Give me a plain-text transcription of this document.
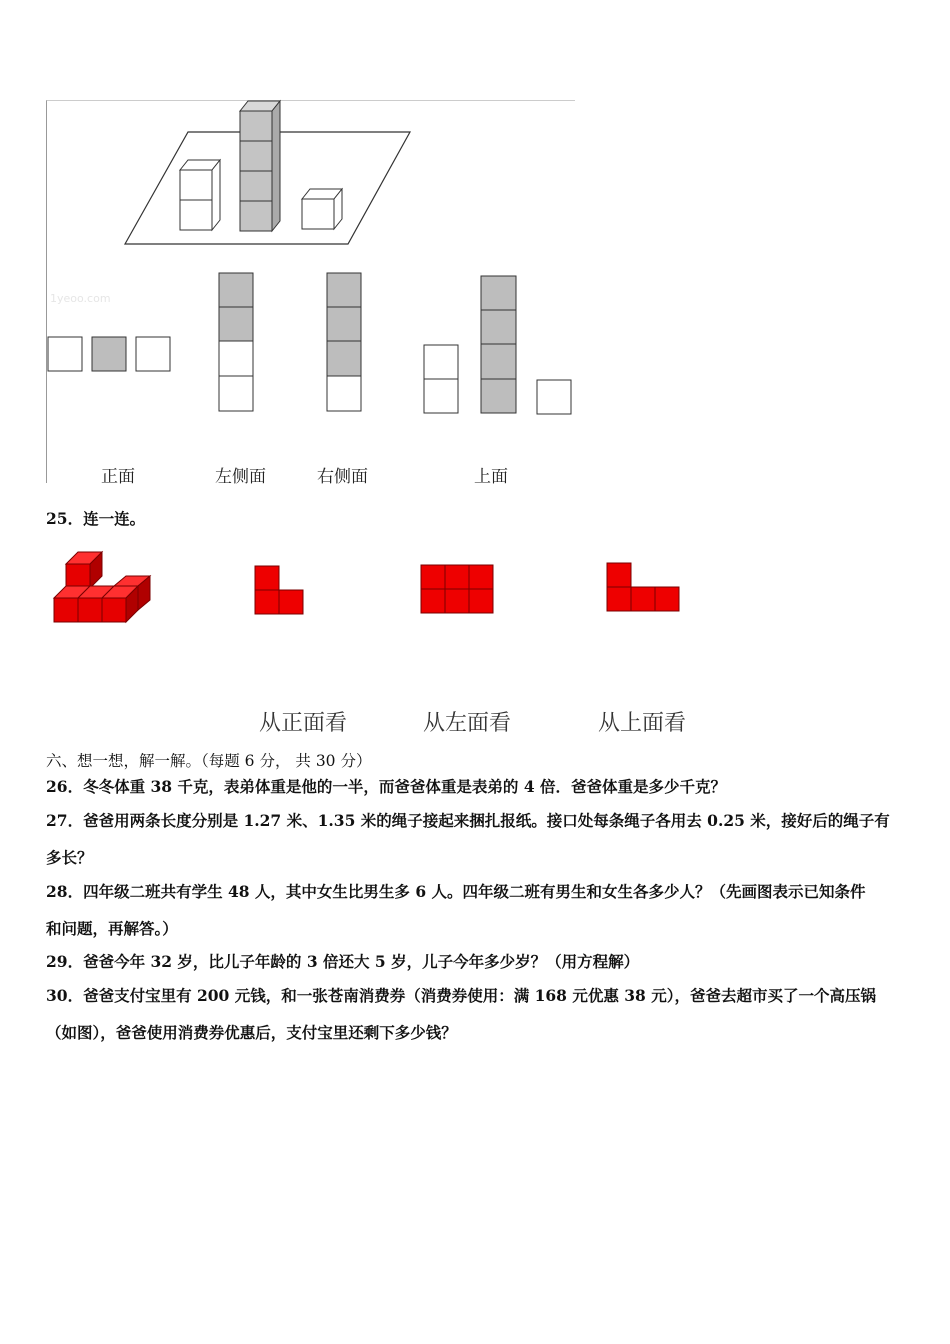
1yeoo.com
正面	左侧面	右侧面	上面
25．连一连。
从正面看	从左面看	从上面看
六、想一想，解一解。（每题 6 分， 共 30 分）
26．冬冬体重 38 千克，表弟体重是他的一半，而爸爸体重是表弟的 4 倍．爸爸体重是多少千克？
27．爸爸用两条长度分别是 1.27 米、1.35 米的绳子接起来捆扎报纸。接口处每条绳子各用去 0.25 米，接好后的绳子有
多长？
28．四年级二班共有学生 48 人，其中女生比男生多 6 人。四年级二班有男生和女生各多少人？（先画图表示已知条件
和问题，再解答。）
29．爸爸今年 32 岁，比儿子年龄的 3 倍还大 5 岁，儿子今年多少岁？（用方程解）
30．爸爸支付宝里有 200 元钱，和一张苍南消费券（消费券使用：满 168 元优惠 38 元），爸爸去超市买了一个高压锅
（如图），爸爸使用消费券优惠后，支付宝里还剩下多少钱？
